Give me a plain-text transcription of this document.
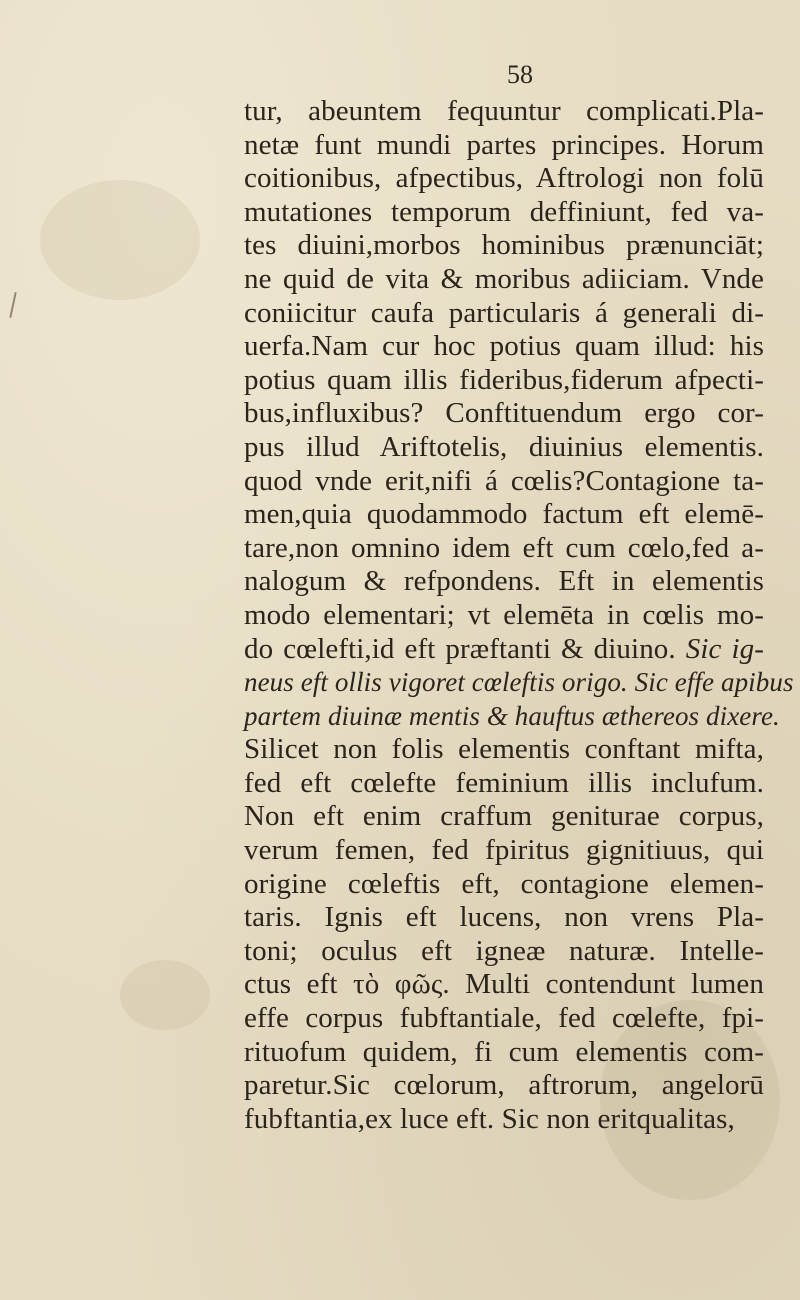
58
tur, abeuntem fequuntur complicati.Pla-
netæ funt mundi partes principes. Horum
coitionibus, afpectibus, Aftrologi non folū
mutationes temporum deffiniunt, fed va-
tes diuini,morbos hominibus prænunciāt;
ne quid de vita & moribus adiiciam. Vnde
coniicitur caufa particularis á generali di-
uerfa.Nam cur hoc potius quam illud: his
potius quam illis fideribus,fiderum afpecti-
bus,influxibus? Conftituendum ergo cor-
pus illud Ariftotelis, diuinius elementis.
quod vnde erit,nifi á cœlis?Contagione ta-
men,quia quodammodo factum eft elemē-
tare,non omnino idem eft cum cœlo,fed a-
nalogum & refpondens. Eft in elementis
modo elementari; vt elemēta in cœlis mo-
do cœlefti,id eft præftanti & diuino. Sic ig-
neus eft ollis vigoret cœleftis origo. Sic effe apibus
partem diuinæ mentis & hauftus æthereos dixere.
Silicet non folis elementis conftant mifta,
fed eft cœlefte feminium illis inclufum.
Non eft enim craffum geniturae corpus,
verum femen, fed fpiritus gignitiuus, qui
origine cœleftis eft, contagione elemen-
taris. Ignis eft lucens, non vrens Pla-
toni; oculus eft igneæ naturæ. Intelle-
ctus eft τὸ φῶς. Multi contendunt lumen
effe corpus fubftantiale, fed cœlefte, fpi-
rituofum quidem, fi cum elementis com-
paretur.Sic cœlorum, aftrorum, angelorū
fubftantia,ex luce eft. Sic non eritqualitas,
